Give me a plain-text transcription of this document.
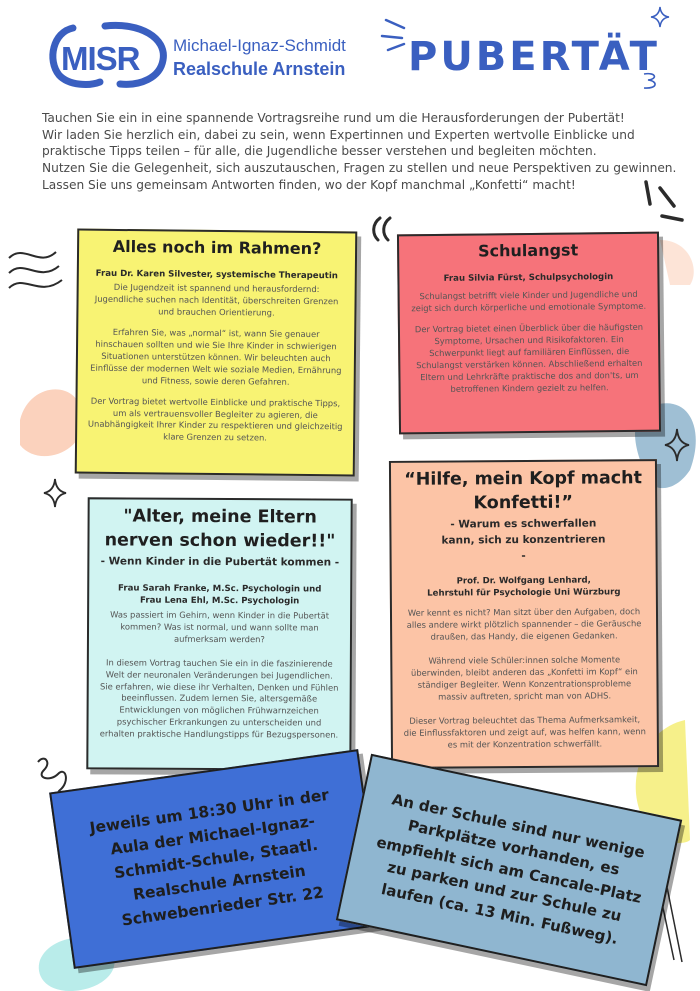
MISR Michael-Ignaz-Schmidt
Realschule Arnstein PUBERTÄT

Tauchen Sie ein in eine spannende Vortragsreihe rund um die Herausforderungen der Pubertät!

Wir laden Sie herzlich ein, dabei zu sein, wenn Expertinnen und Experten wertvolle Einblicke und

praktische Tipps teilen – für alle, die Jugendliche besser verstehen und begleiten möchten.

Nutzen Sie die Gelegenheit, sich auszutauschen, Fragen zu stellen und neue Perspektiven zu gewinnen.

Lassen Sie uns gemeinsam Antworten finden, wo der Kopf manchmal „Konfetti“ macht!

Alles noch im Rahmen?
Frau Dr. Karen Silvester, systemische Therapeutin
Die Jugendzeit ist spannend und herausfordernd: Jugendliche suchen nach Identität, überschreiten Grenzen und brauchen Orientierung.
Erfahren Sie, was „normal“ ist, wann Sie genauer hinschauen sollten und wie Sie Ihre Kinder in schwierigen Situationen unterstützen können. Wir beleuchten auch Einflüsse der modernen Welt wie soziale Medien, Ernährung und Fitness, sowie deren Gefahren.
Der Vortrag bietet wertvolle Einblicke und praktische Tipps, um als vertrauensvoller Begleiter zu agieren, die Unabhängigkeit Ihrer Kinder zu respektieren und gleichzeitig klare Grenzen zu setzen.
Schulangst
Frau Silvia Fürst, Schulpsychologin
Schulangst betrifft viele Kinder und Jugendliche und zeigt sich durch körperliche und emotionale Symptome.
Der Vortrag bietet einen Überblick über die häufigsten Symptome, Ursachen und Risikofaktoren. Ein Schwerpunkt liegt auf familiären Einflüssen, die Schulangst verstärken können. Abschließend erhalten Eltern und Lehrkräfte praktische dos and don'ts, um betroffenen Kindern gezielt zu helfen.
"Alter, meine Eltern nerven schon wieder!!"
- Wenn Kinder in die Pubertät kommen -
Frau Sarah Franke, M.Sc. Psychologin und
Frau Lena Ehl, M.Sc. Psychologin
Was passiert im Gehirn, wenn Kinder in die Pubertät kommen? Was ist normal, und wann sollte man aufmerksam werden?
In diesem Vortrag tauchen Sie ein in die faszinierende Welt der neuronalen Veränderungen bei Jugendlichen. Sie erfahren, wie diese ihr Verhalten, Denken und Fühlen beeinflussen. Zudem lernen Sie, altersgemäße Entwicklungen von möglichen Frühwarnzeichen psychischer Erkrankungen zu unterscheiden und erhalten praktische Handlungstipps für Bezugspersonen.
“Hilfe, mein Kopf macht Konfetti!”
- Warum es schwerfallen kann, sich zu konzentrieren -
Prof. Dr. Wolfgang Lenhard,
Lehrstuhl für Psychologie Uni Würzburg
Wer kennt es nicht? Man sitzt über den Aufgaben, doch alles andere wirkt plötzlich spannender – die Geräusche draußen, das Handy, die eigenen Gedanken.
Während viele Schüler:innen solche Momente überwinden, bleibt anderen das „Konfetti im Kopf“ ein ständiger Begleiter. Wenn Konzentrationsprobleme massiv auftreten, spricht man von ADHS.
Dieser Vortrag beleuchtet das Thema Aufmerksamkeit, die Einflussfaktoren und zeigt auf, was helfen kann, wenn es mit der Konzentration schwerfällt.
Jeweils um 18:30 Uhr in der Aula der Michael-Ignaz-Schmidt-Schule, Staatl. Realschule Arnstein Schwebenrieder Str. 22
An der Schule sind nur wenige Parkplätze vorhanden, es empfiehlt sich am Cancale-Platz zu parken und zur Schule zu laufen (ca. 13 Min. Fußweg).
